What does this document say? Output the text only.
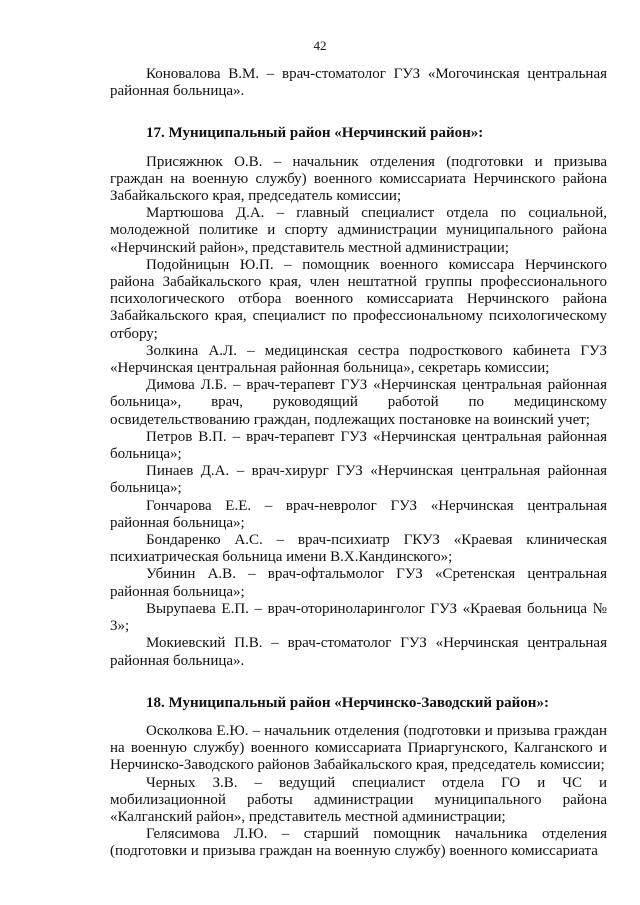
42

Коновалова В.М. – врач-стоматолог ГУЗ «Могочинская центральная районная больница».

17. Муниципальный район «Нерчинский район»:

Присяжнюк О.В. – начальник отделения (подготовки и призыва граждан на военную службу) военного комиссариата Нерчинского района Забайкальского края, председатель комиссии;

Мартюшова Д.А. – главный специалист отдела по социальной, молодежной политике и спорту администрации муниципального района «Нерчинский район», представитель местной администрации;

Подойницын Ю.П. – помощник военного комиссара Нерчинского района Забайкальского края, член нештатной группы профессионального психологического отбора военного комиссариата Нерчинского района Забайкальского края, специалист по профессиональному психологическому отбору;

Золкина А.Л. – медицинская сестра подросткового кабинета ГУЗ «Нерчинская центральная районная больница», секретарь комиссии;

Димова Л.Б. – врач-терапевт ГУЗ «Нерчинская центральная районная больница», врач, руководящий работой по медицинскому освидетельствованию граждан, подлежащих постановке на воинский учет;

Петров В.П. – врач-терапевт ГУЗ «Нерчинская центральная районная больница»;

Пинаев Д.А. – врач-хирург ГУЗ «Нерчинская центральная районная больница»;

Гончарова Е.Е. – врач-невролог ГУЗ «Нерчинская центральная районная больница»;

Бондаренко А.С. – врач-психиатр ГКУЗ «Краевая клиническая психиатрическая больница имени В.Х.Кандинского»;

Убинин А.В. – врач-офтальмолог ГУЗ «Сретенская центральная районная больница»;

Вырупаева Е.П. – врач-оториноларинголог ГУЗ «Краевая больница № 3»;

Мокиевский П.В. – врач-стоматолог ГУЗ «Нерчинская центральная районная больница».

18. Муниципальный район «Нерчинско-Заводский район»:

Осколкова Е.Ю. – начальник отделения (подготовки и призыва граждан на военную службу) военного комиссариата Приаргунского, Калганского и Нерчинско-Заводского районов Забайкальского края, председатель комиссии;

Черных З.В. – ведущий специалист отдела ГО и ЧС и мобилизационной работы администрации муниципального района «Калганский район», представитель местной администрации;

Гелясимова Л.Ю. – старший помощник начальника отделения (подготовки и призыва граждан на военную службу) военного комиссариата
